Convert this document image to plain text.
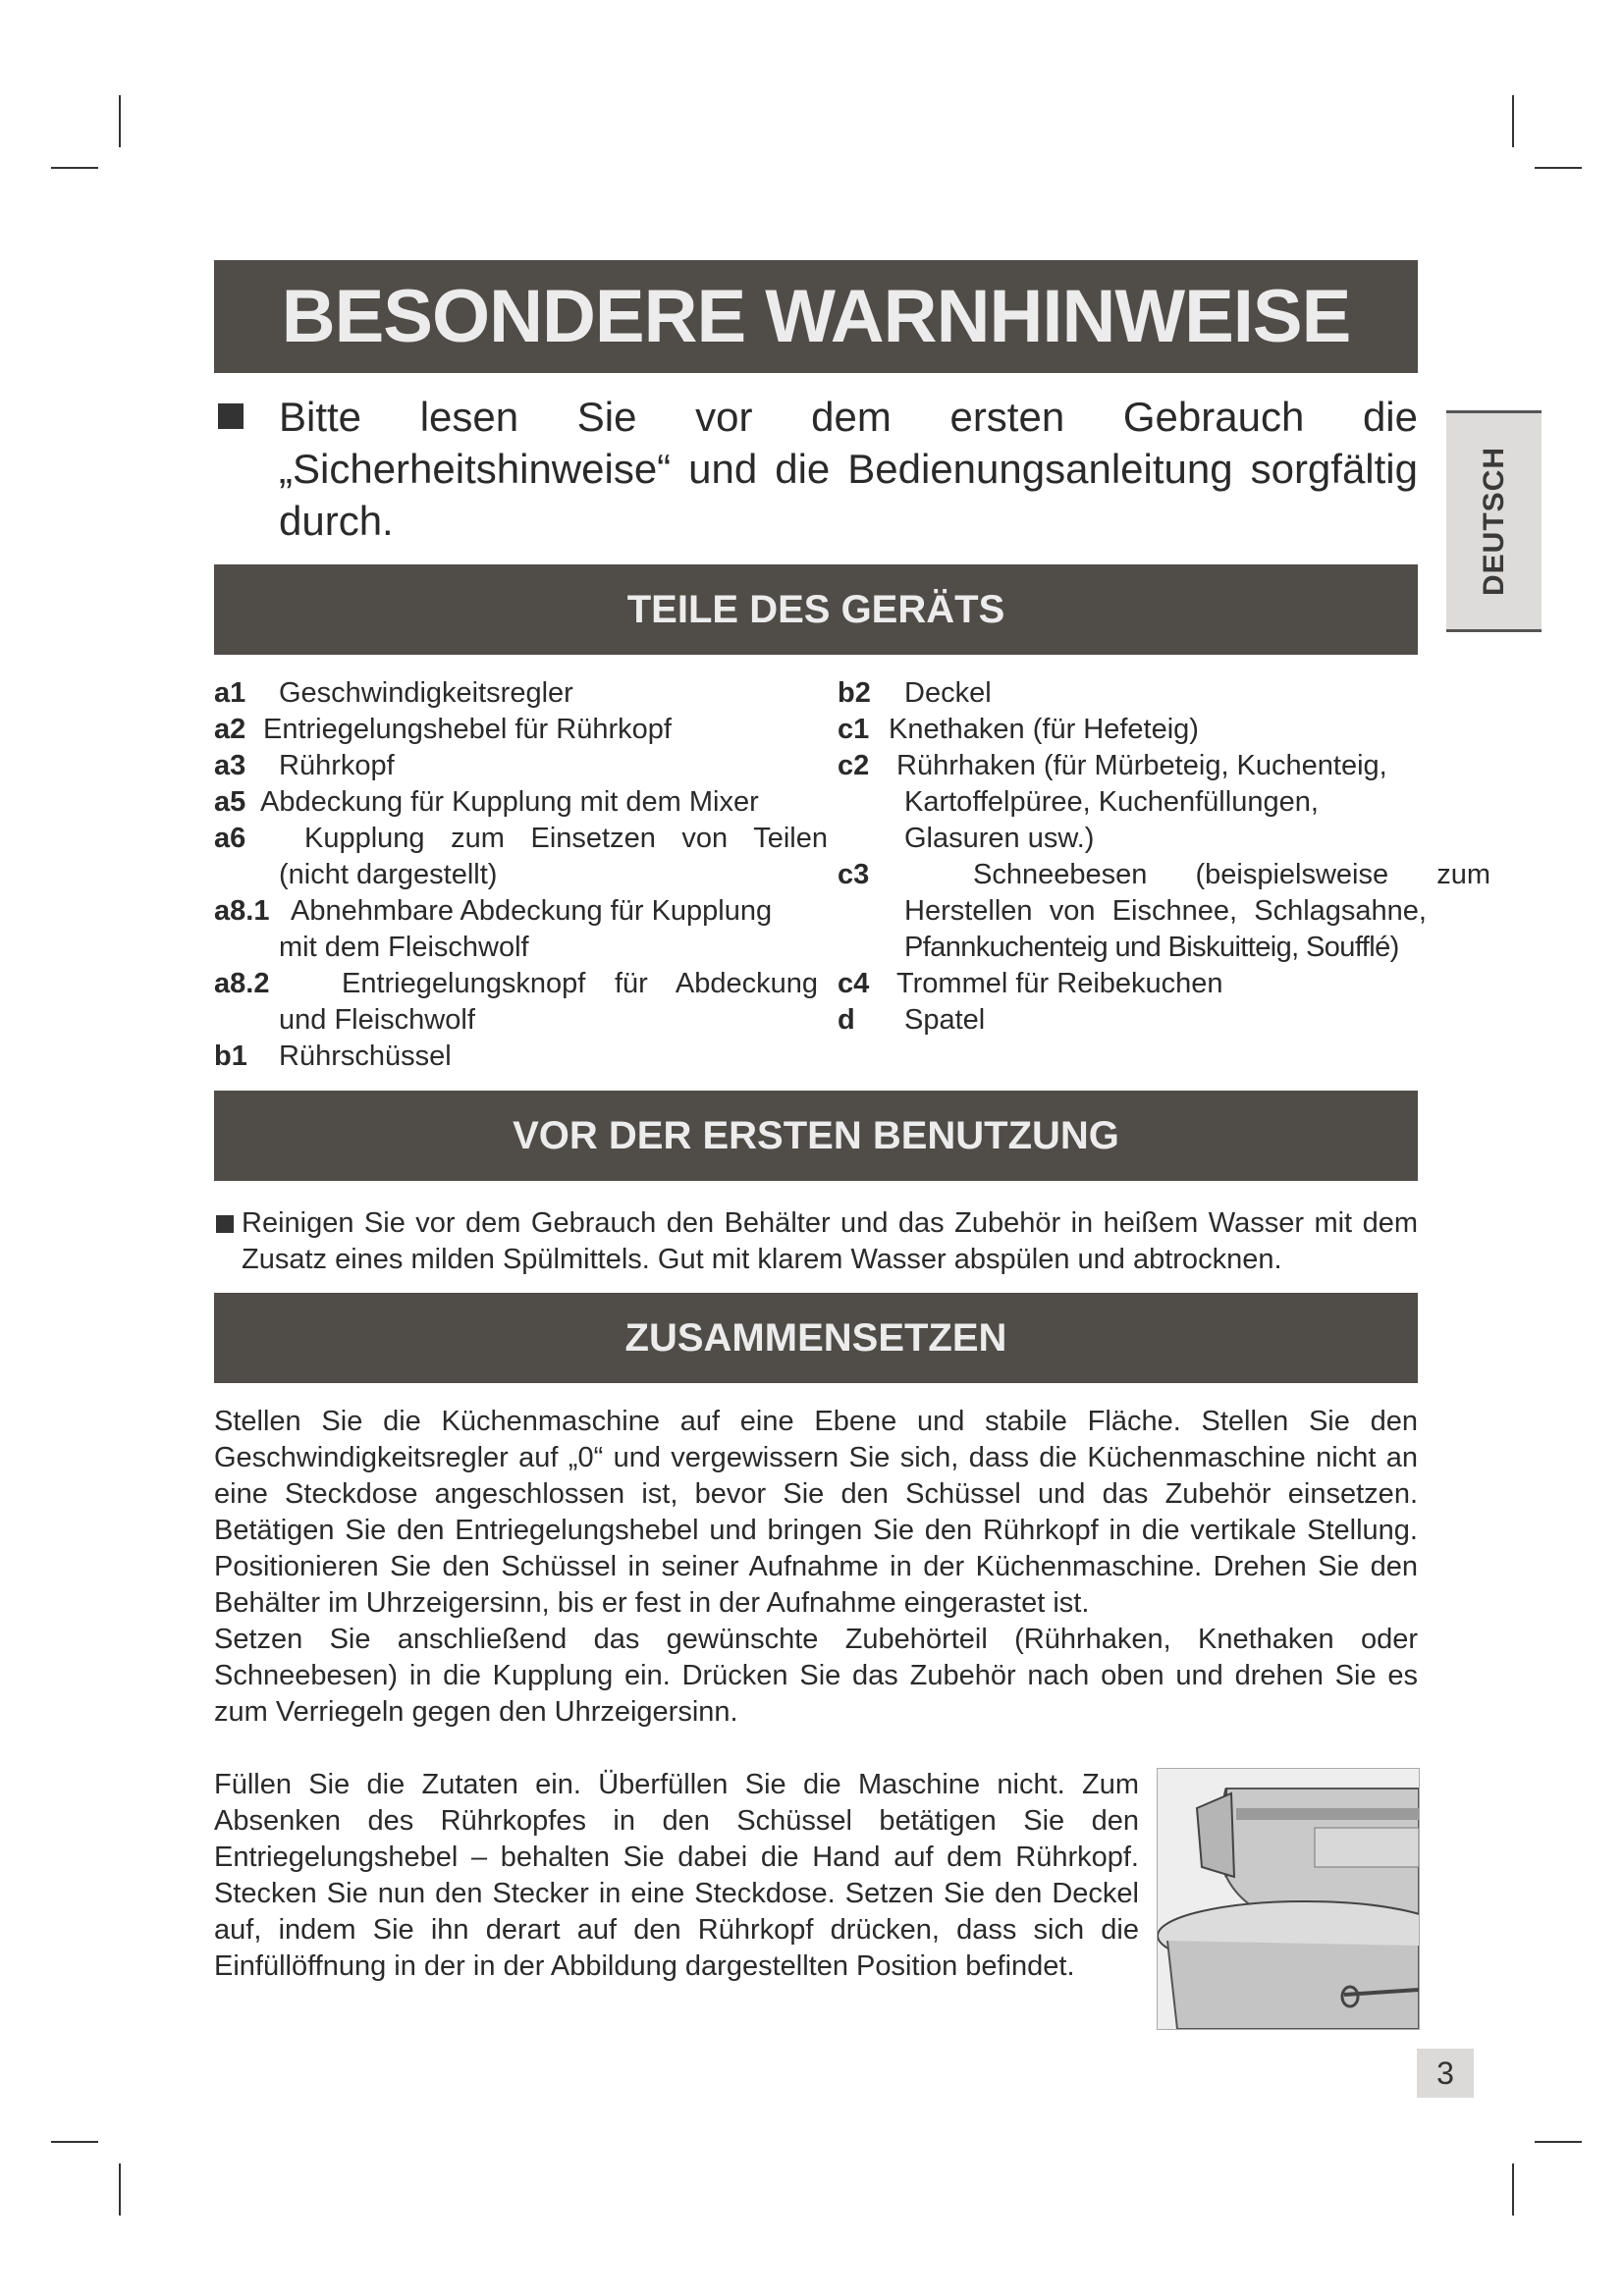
BESONDERE WARNHINWEISE

Bitte lesen Sie vor dem ersten Gebrauch die „Sicherheitshinweise“ und die Bedienungsanleitung sorgfältig durch.	DEUTSCH
TEILE DES GERÄTS
a1	Geschwindigkeitsregler
a2 Entriegelungshebel für Rührkopf
a3	Rührkopf
a5 Abdeckung für Kupplung mit dem Mixer
a6	Kupplung zum Einsetzen von Teilen
(nicht dargestellt)
a8.1 Abnehmbare Abdeckung für Kupplung
mit dem Fleischwolf
a8.2	Entriegelungsknopf für Abdeckung
und Fleischwolf
b1	Rührschüssel
b2	Deckel
c1 Knethaken (für Hefeteig)
c2 Rührhaken (für Mürbeteig, Kuchenteig,
Kartoffelpüree, Kuchenfüllungen,
Glasuren usw.)
c3	Schneebesen (beispielsweise zum
Herstellen von Eischnee, Schlagsahne,
Pfannkuchenteig und Biskuitteig, Soufflé)
c4 Trommel für Reibekuchen
d	Spatel
VOR DER ERSTEN BENUTZUNG

Reinigen Sie vor dem Gebrauch den Behälter und das Zubehör in heißem Wasser mit dem Zusatz eines milden Spülmittels. Gut mit klarem Wasser abspülen und abtrocknen.

ZUSAMMENSETZEN

Stellen Sie die Küchenmaschine auf eine Ebene und stabile Fläche. Stellen Sie den Geschwindigkeitsregler auf „0“ und vergewissern Sie sich, dass die Küchenmaschine nicht an eine Steckdose angeschlossen ist, bevor Sie den Schüssel und das Zubehör einsetzen. Betätigen Sie den Entriegelungshebel und bringen Sie den Rührkopf in die vertikale Stellung. Positionieren Sie den Schüssel in seiner Aufnahme in der Küchenmaschine. Drehen Sie den Behälter im Uhrzeigersinn, bis er fest in der Aufnahme eingerastet ist.

Setzen Sie anschließend das gewünschte Zubehörteil (Rührhaken, Knethaken oder Schneebesen) in die Kupplung ein. Drücken Sie das Zubehör nach oben und drehen Sie es zum Verriegeln gegen den Uhrzeigersinn.

Füllen Sie die Zutaten ein. Überfüllen Sie die Maschine nicht. Zum Absenken des Rührkopfes in den Schüssel betätigen Sie den Entriegelungshebel – behalten Sie dabei die Hand auf dem Rührkopf. Stecken Sie nun den Stecker in eine Steckdose. Setzen Sie den Deckel auf, indem Sie ihn derart auf den Rührkopf drücken, dass sich die Einfüllöffnung in der in der Abbildung dargestellten Position befindet.

3
